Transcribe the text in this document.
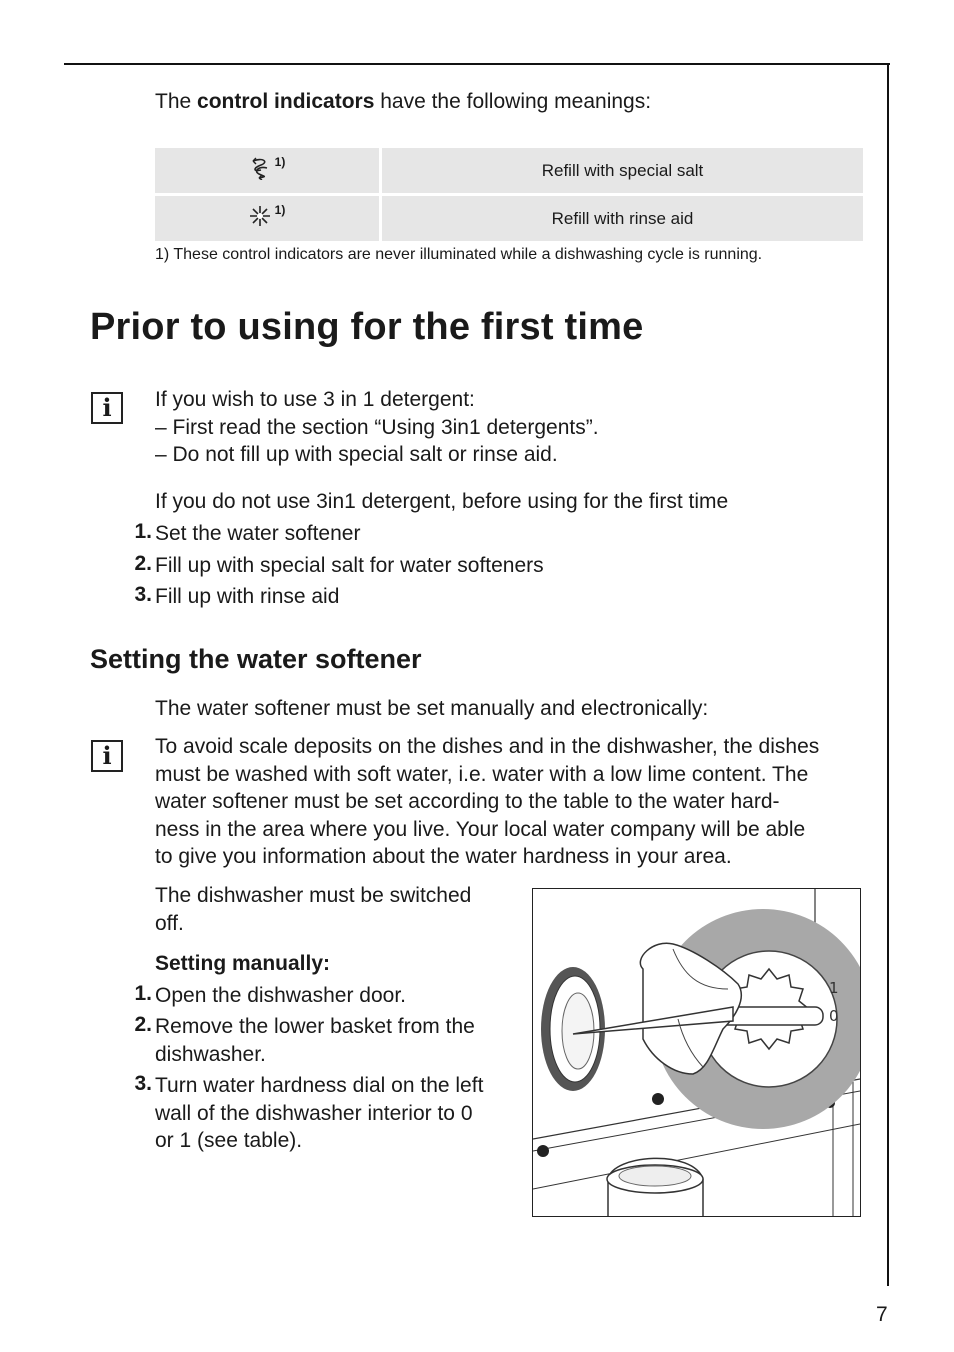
The control indicators have the following meanings:
$^{1)}$	Refill with special salt
$^{1)}$	Refill with rinse aid
1) These control indicators are never illuminated while a dishwashing cycle is running.
Prior to using for the first time
i	If you wish to use 3 in 1 detergent:
– First read the section “Using 3in1 detergents”.
– Do not fill up with special salt or rinse aid.
If you do not use 3in1 detergent, before using for the first time
1. Set the water softener
2. Fill up with special salt for water softeners
3. Fill up with rinse aid
Setting the water softener
The water softener must be set manually and electronically:
i	To avoid scale deposits on the dishes and in the dishwasher, the dishes
must be washed with soft water, i.e. water with a low lime content. The
water softener must be set according to the table to the water hard-
ness in the area where you live. Your local water company will be able
to give you information about the water hardness in your area.
The dishwasher must be switched
off.
Setting manually:
1. Open the dishwasher door.
2. Remove the lower basket from the
dishwasher.
3. Turn water hardness dial on the left
wall of the dishwasher interior to 0
or 1 (see table).
1
0
7
